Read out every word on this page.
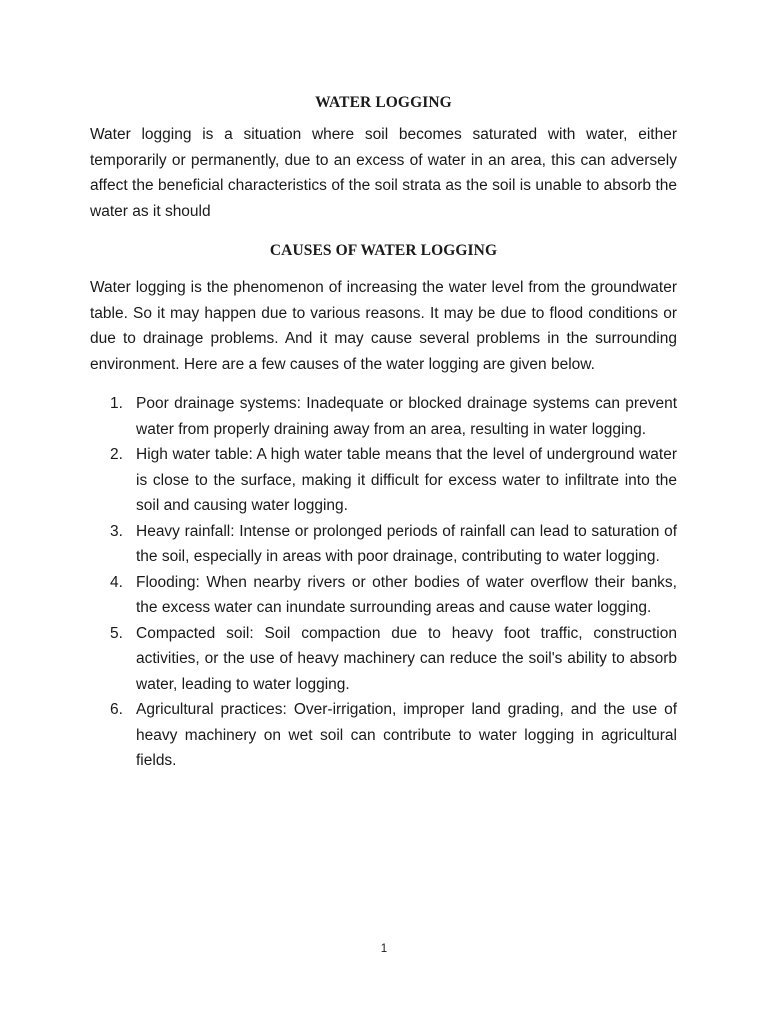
WATER LOGGING

Water logging is a situation where soil becomes saturated with water, either temporarily or permanently, due to an excess of water in an area, this can adversely affect the beneficial characteristics of the soil strata as the soil is unable to absorb the water as it should

CAUSES OF WATER LOGGING

Water logging is the phenomenon of increasing the water level from the groundwater table. So it may happen due to various reasons. It may be due to flood conditions or due to drainage problems. And it may cause several problems in the surrounding environment. Here are a few causes of the water logging are given below.

1. Poor drainage systems: Inadequate or blocked drainage systems can prevent water from properly draining away from an area, resulting in water logging.
2. High water table: A high water table means that the level of underground water is close to the surface, making it difficult for excess water to infiltrate into the soil and causing water logging.
3. Heavy rainfall: Intense or prolonged periods of rainfall can lead to saturation of the soil, especially in areas with poor drainage, contributing to water logging.
4. Flooding: When nearby rivers or other bodies of water overflow their banks, the excess water can inundate surrounding areas and cause water logging.
5. Compacted soil: Soil compaction due to heavy foot traffic, construction activities, or the use of heavy machinery can reduce the soil's ability to absorb water, leading to water logging.
6. Agricultural practices: Over-irrigation, improper land grading, and the use of heavy machinery on wet soil can contribute to water logging in agricultural fields.
1
